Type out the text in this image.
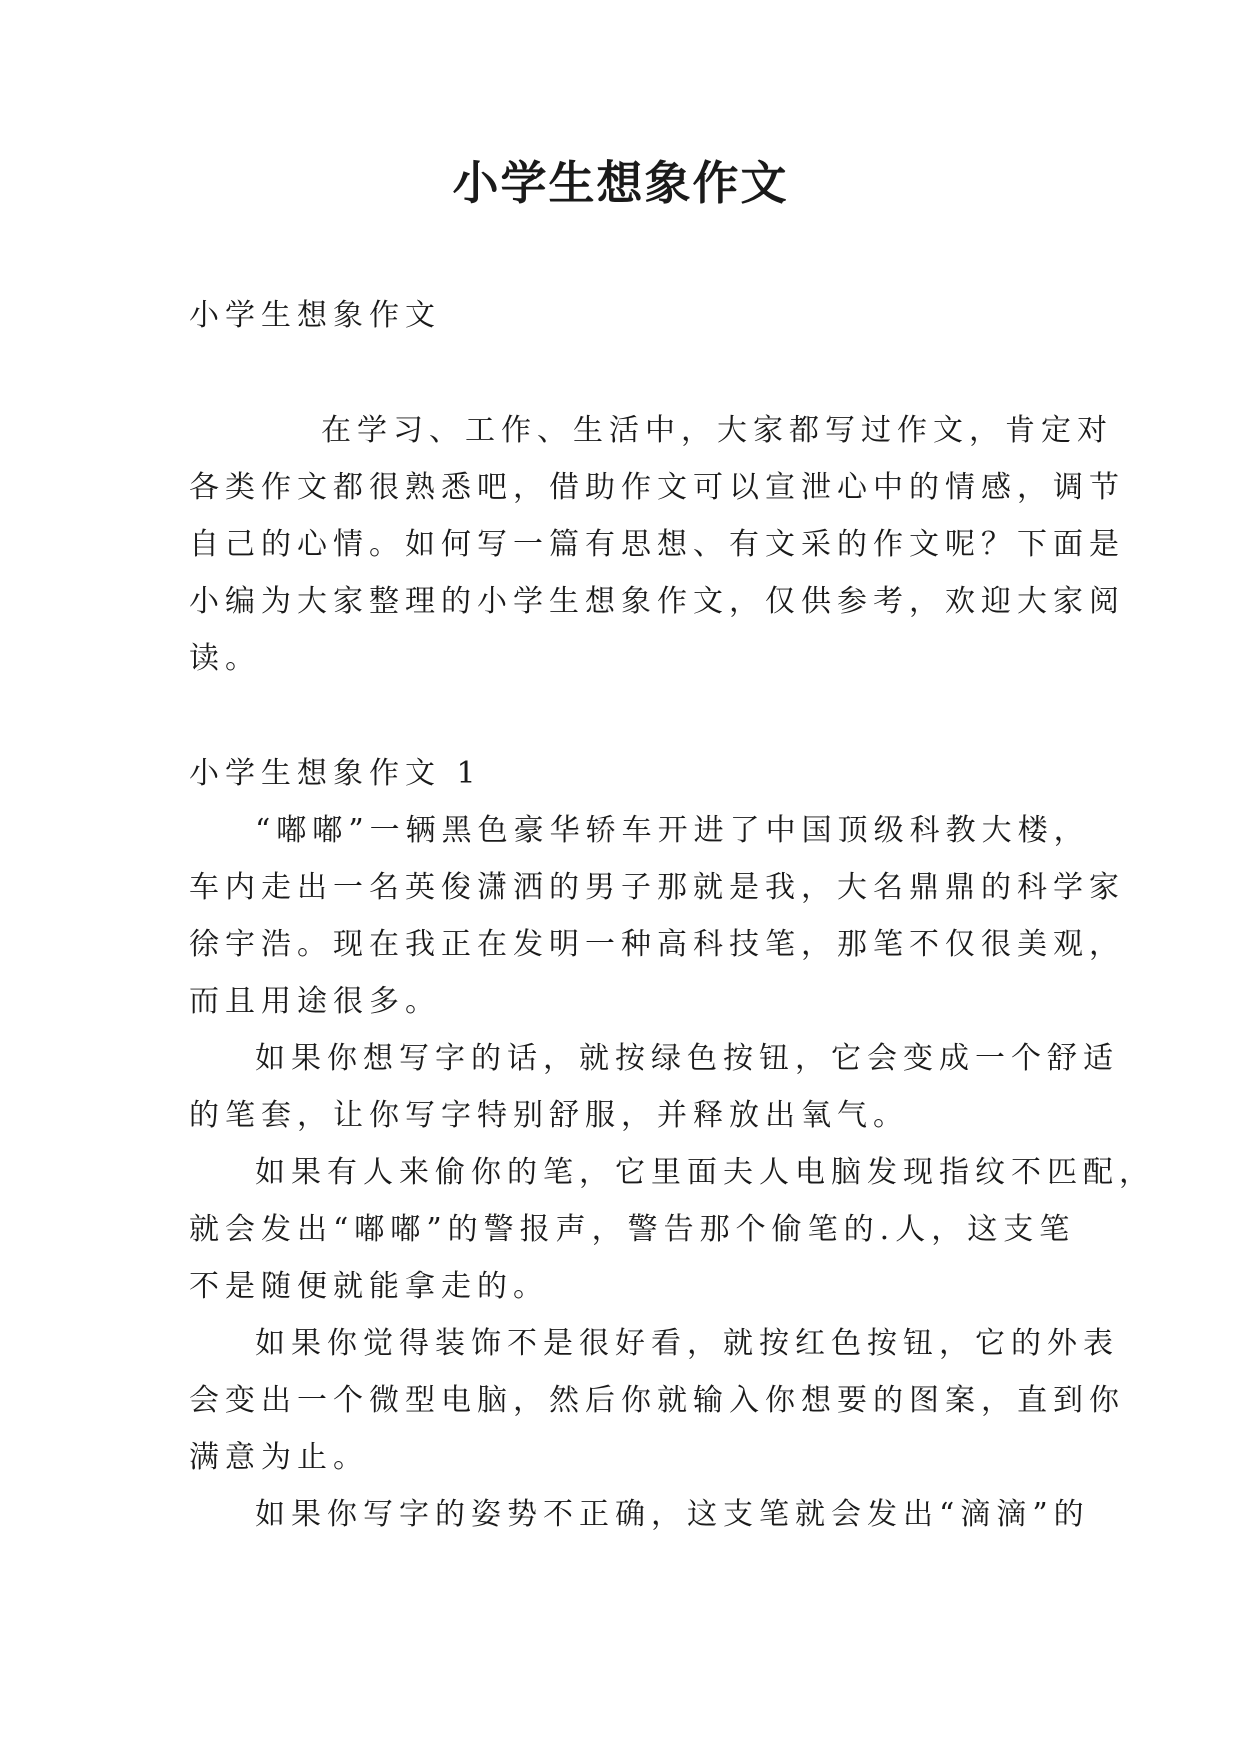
小学生想象作文
小学生想象作文
在学习、工作、生活中，大家都写过作文，肯定对
各类作文都很熟悉吧，借助作文可以宣泄心中的情感，调节
自己的心情。如何写一篇有思想、有文采的作文呢？下面是
小编为大家整理的小学生想象作文，仅供参考，欢迎大家阅
读。
小学生想象作文 1
“嘟嘟”一辆黑色豪华轿车开进了中国顶级科教大楼，
车内走出一名英俊潇洒的男子那就是我，大名鼎鼎的科学家
徐宇浩。现在我正在发明一种高科技笔，那笔不仅很美观，
而且用途很多。
如果你想写字的话，就按绿色按钮，它会变成一个舒适
的笔套，让你写字特别舒服，并释放出氧气。
如果有人来偷你的笔，它里面夫人电脑发现指纹不匹配，
就会发出“嘟嘟”的警报声，警告那个偷笔的.人，这支笔
不是随便就能拿走的。
如果你觉得装饰不是很好看，就按红色按钮，它的外表
会变出一个微型电脑，然后你就输入你想要的图案，直到你
满意为止。
如果你写字的姿势不正确，这支笔就会发出“滴滴”的
